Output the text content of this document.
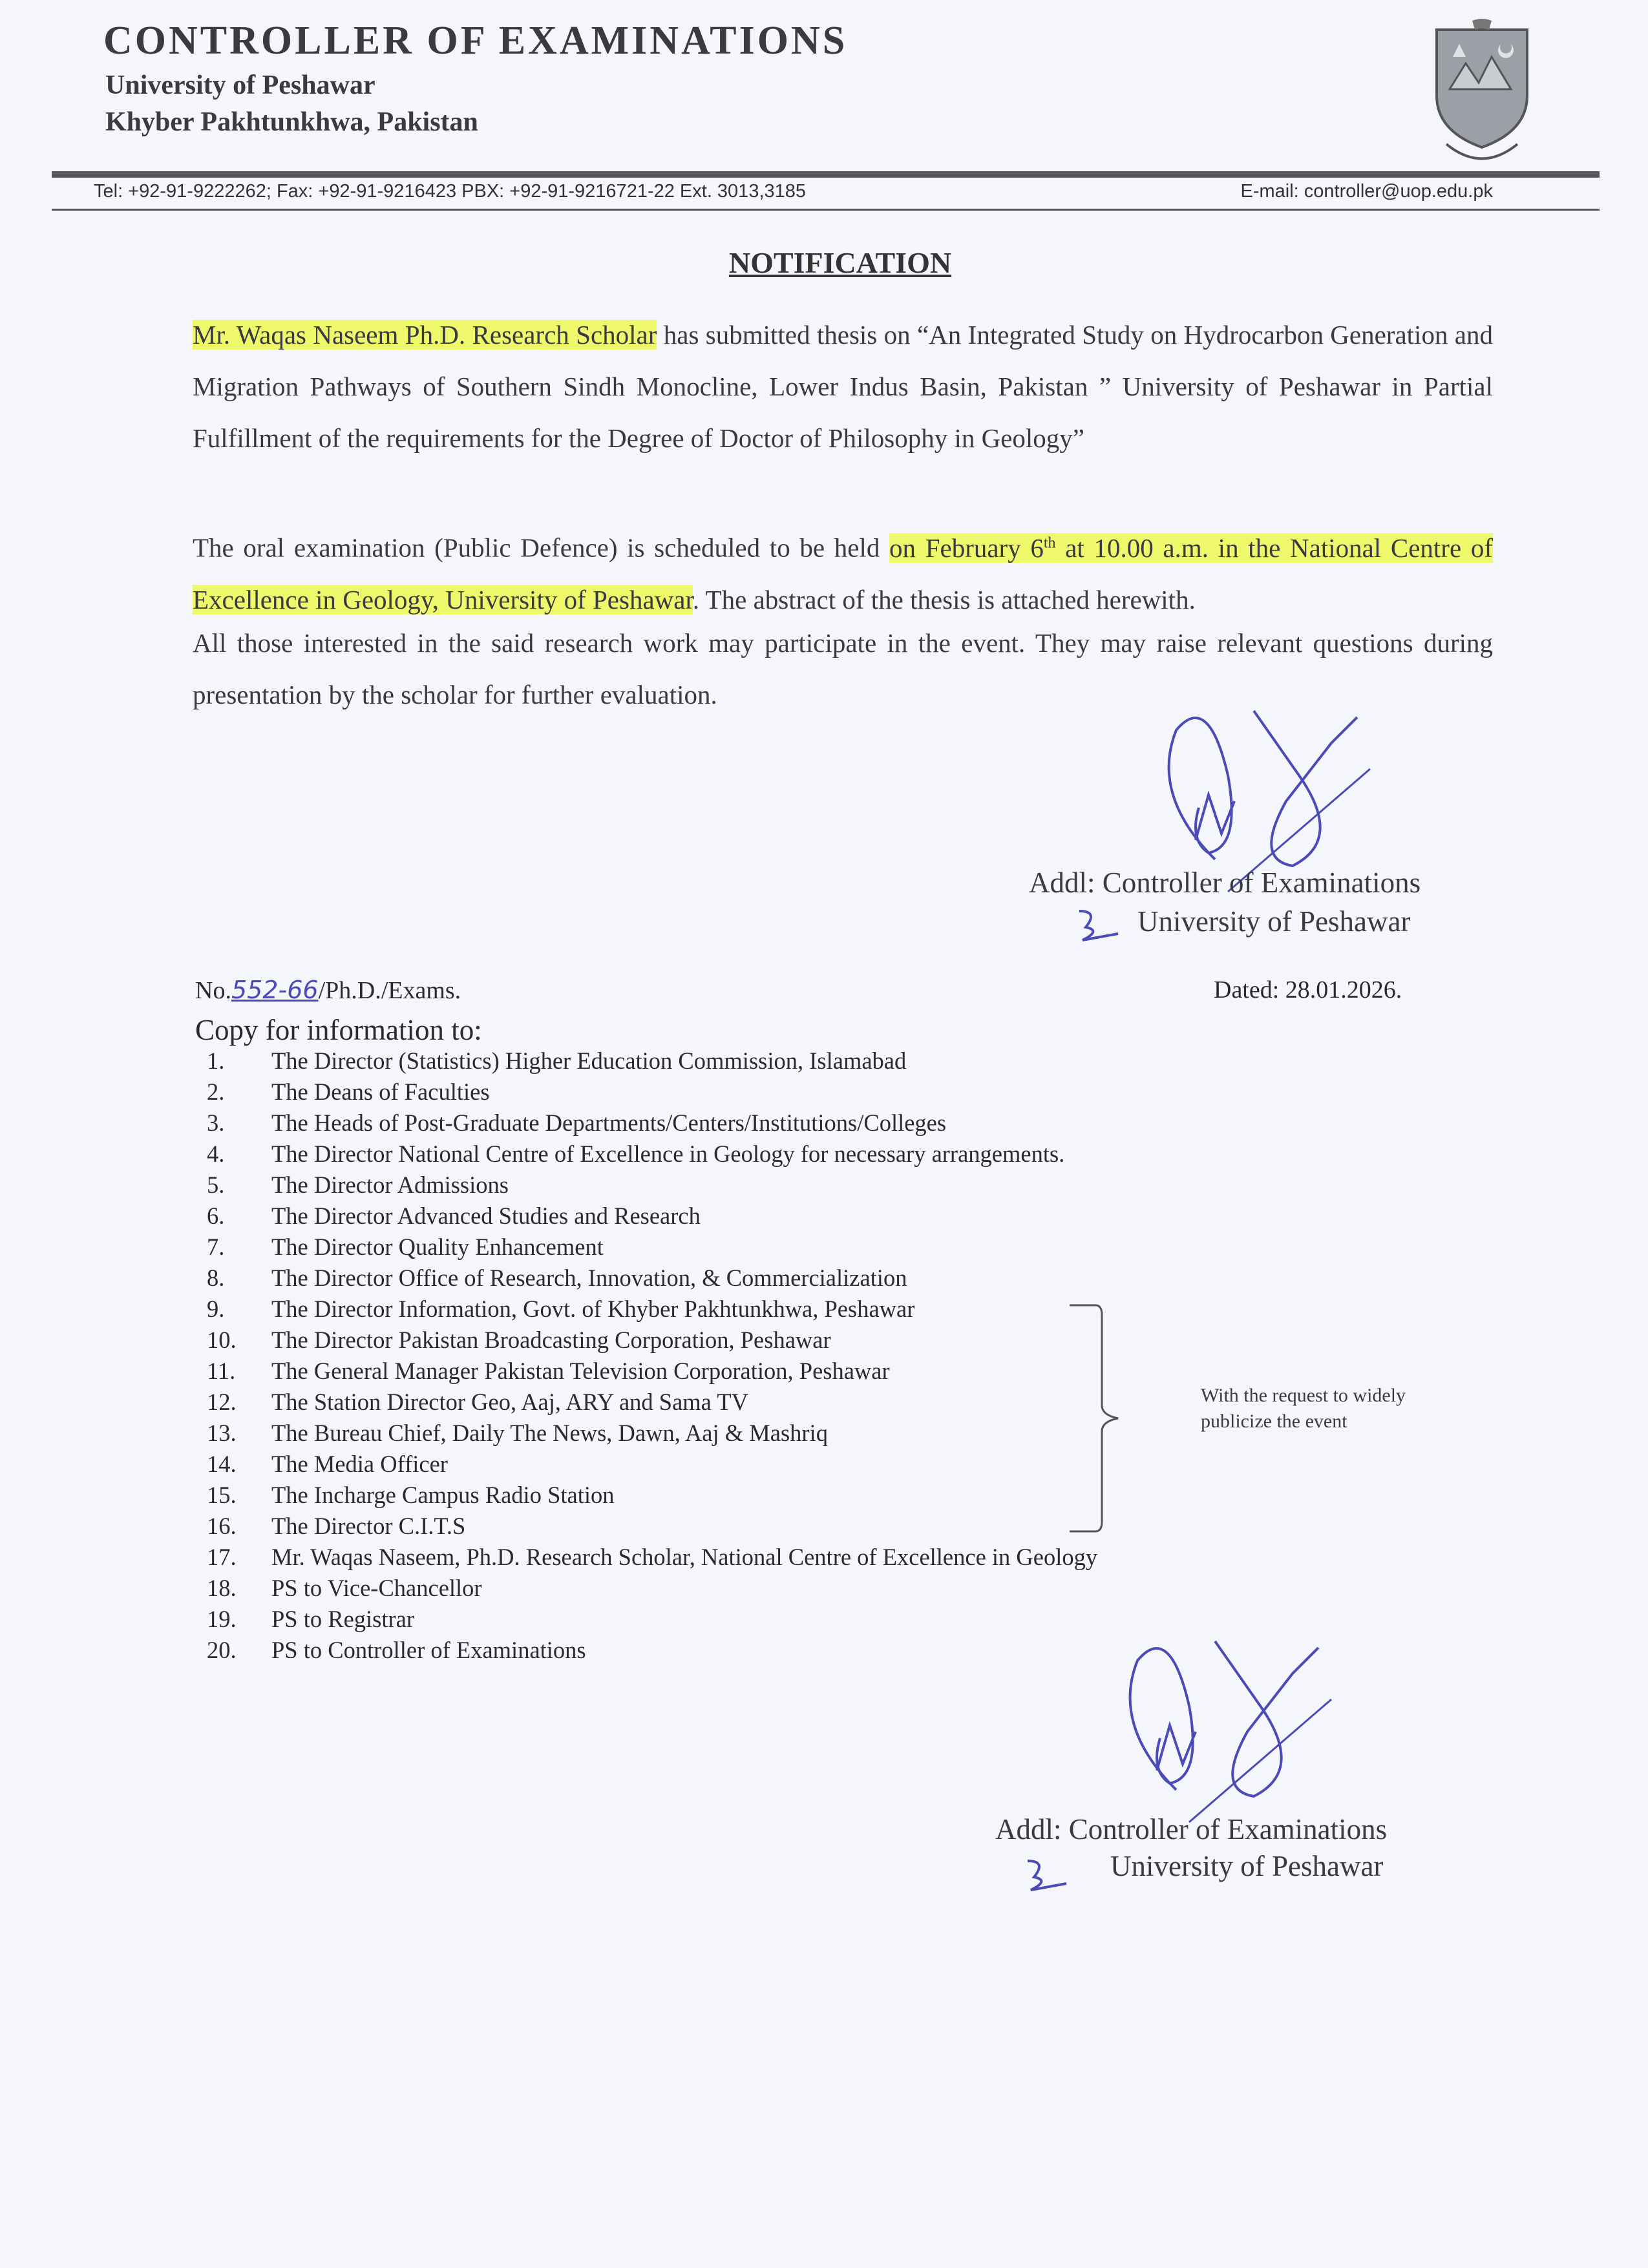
CONTROLLER OF EXAMINATIONS
University of Peshawar
Khyber Pakhtunkhwa, Pakistan
Tel: +92-91-9222262; Fax: +92-91-9216423 PBX: +92-91-9216721-22 Ext. 3013,3185	E-mail: controller@uop.edu.pk
NOTIFICATION
Mr. Waqas Naseem Ph.D. Research Scholar has submitted thesis on “An Integrated Study on Hydrocarbon Generation and Migration Pathways of Southern Sindh Monocline, Lower Indus Basin, Pakistan ” University of Peshawar in Partial Fulfillment of the requirements for the Degree of Doctor of Philosophy in Geology”
The oral examination (Public Defence) is scheduled to be held on February 6th at 10.00 a.m. in the National Centre of Excellence in Geology, University of Peshawar. The abstract of the thesis is attached herewith.
All those interested in the said research work may participate in the event. They may raise relevant questions during presentation by the scholar for further evaluation.
Addl: Controller of Examinations
University of Peshawar
No.552-66/Ph.D./Exams.	Dated: 28.01.2026.
Copy for information to:
1. The Director (Statistics) Higher Education Commission, Islamabad
2. The Deans of Faculties
3. The Heads of Post-Graduate Departments/Centers/Institutions/Colleges
4. The Director National Centre of Excellence in Geology for necessary arrangements.
5. The Director Admissions
6. The Director Advanced Studies and Research
7. The Director Quality Enhancement
8. The Director Office of Research, Innovation, & Commercialization
9. The Director Information, Govt. of Khyber Pakhtunkhwa, Peshawar
10. The Director Pakistan Broadcasting Corporation, Peshawar
11. The General Manager Pakistan Television Corporation, Peshawar
12. The Station Director Geo, Aaj, ARY and Sama TV
13. The Bureau Chief, Daily The News, Dawn, Aaj & Mashriq
14. The Media Officer
15. The Incharge Campus Radio Station
16. The Director C.I.T.S
17. Mr. Waqas Naseem, Ph.D. Research Scholar, National Centre of Excellence in Geology
18. PS to Vice-Chancellor
19. PS to Registrar
20. PS to Controller of Examinations
With the request to widely
publicize the event
Addl: Controller of Examinations
University of Peshawar
